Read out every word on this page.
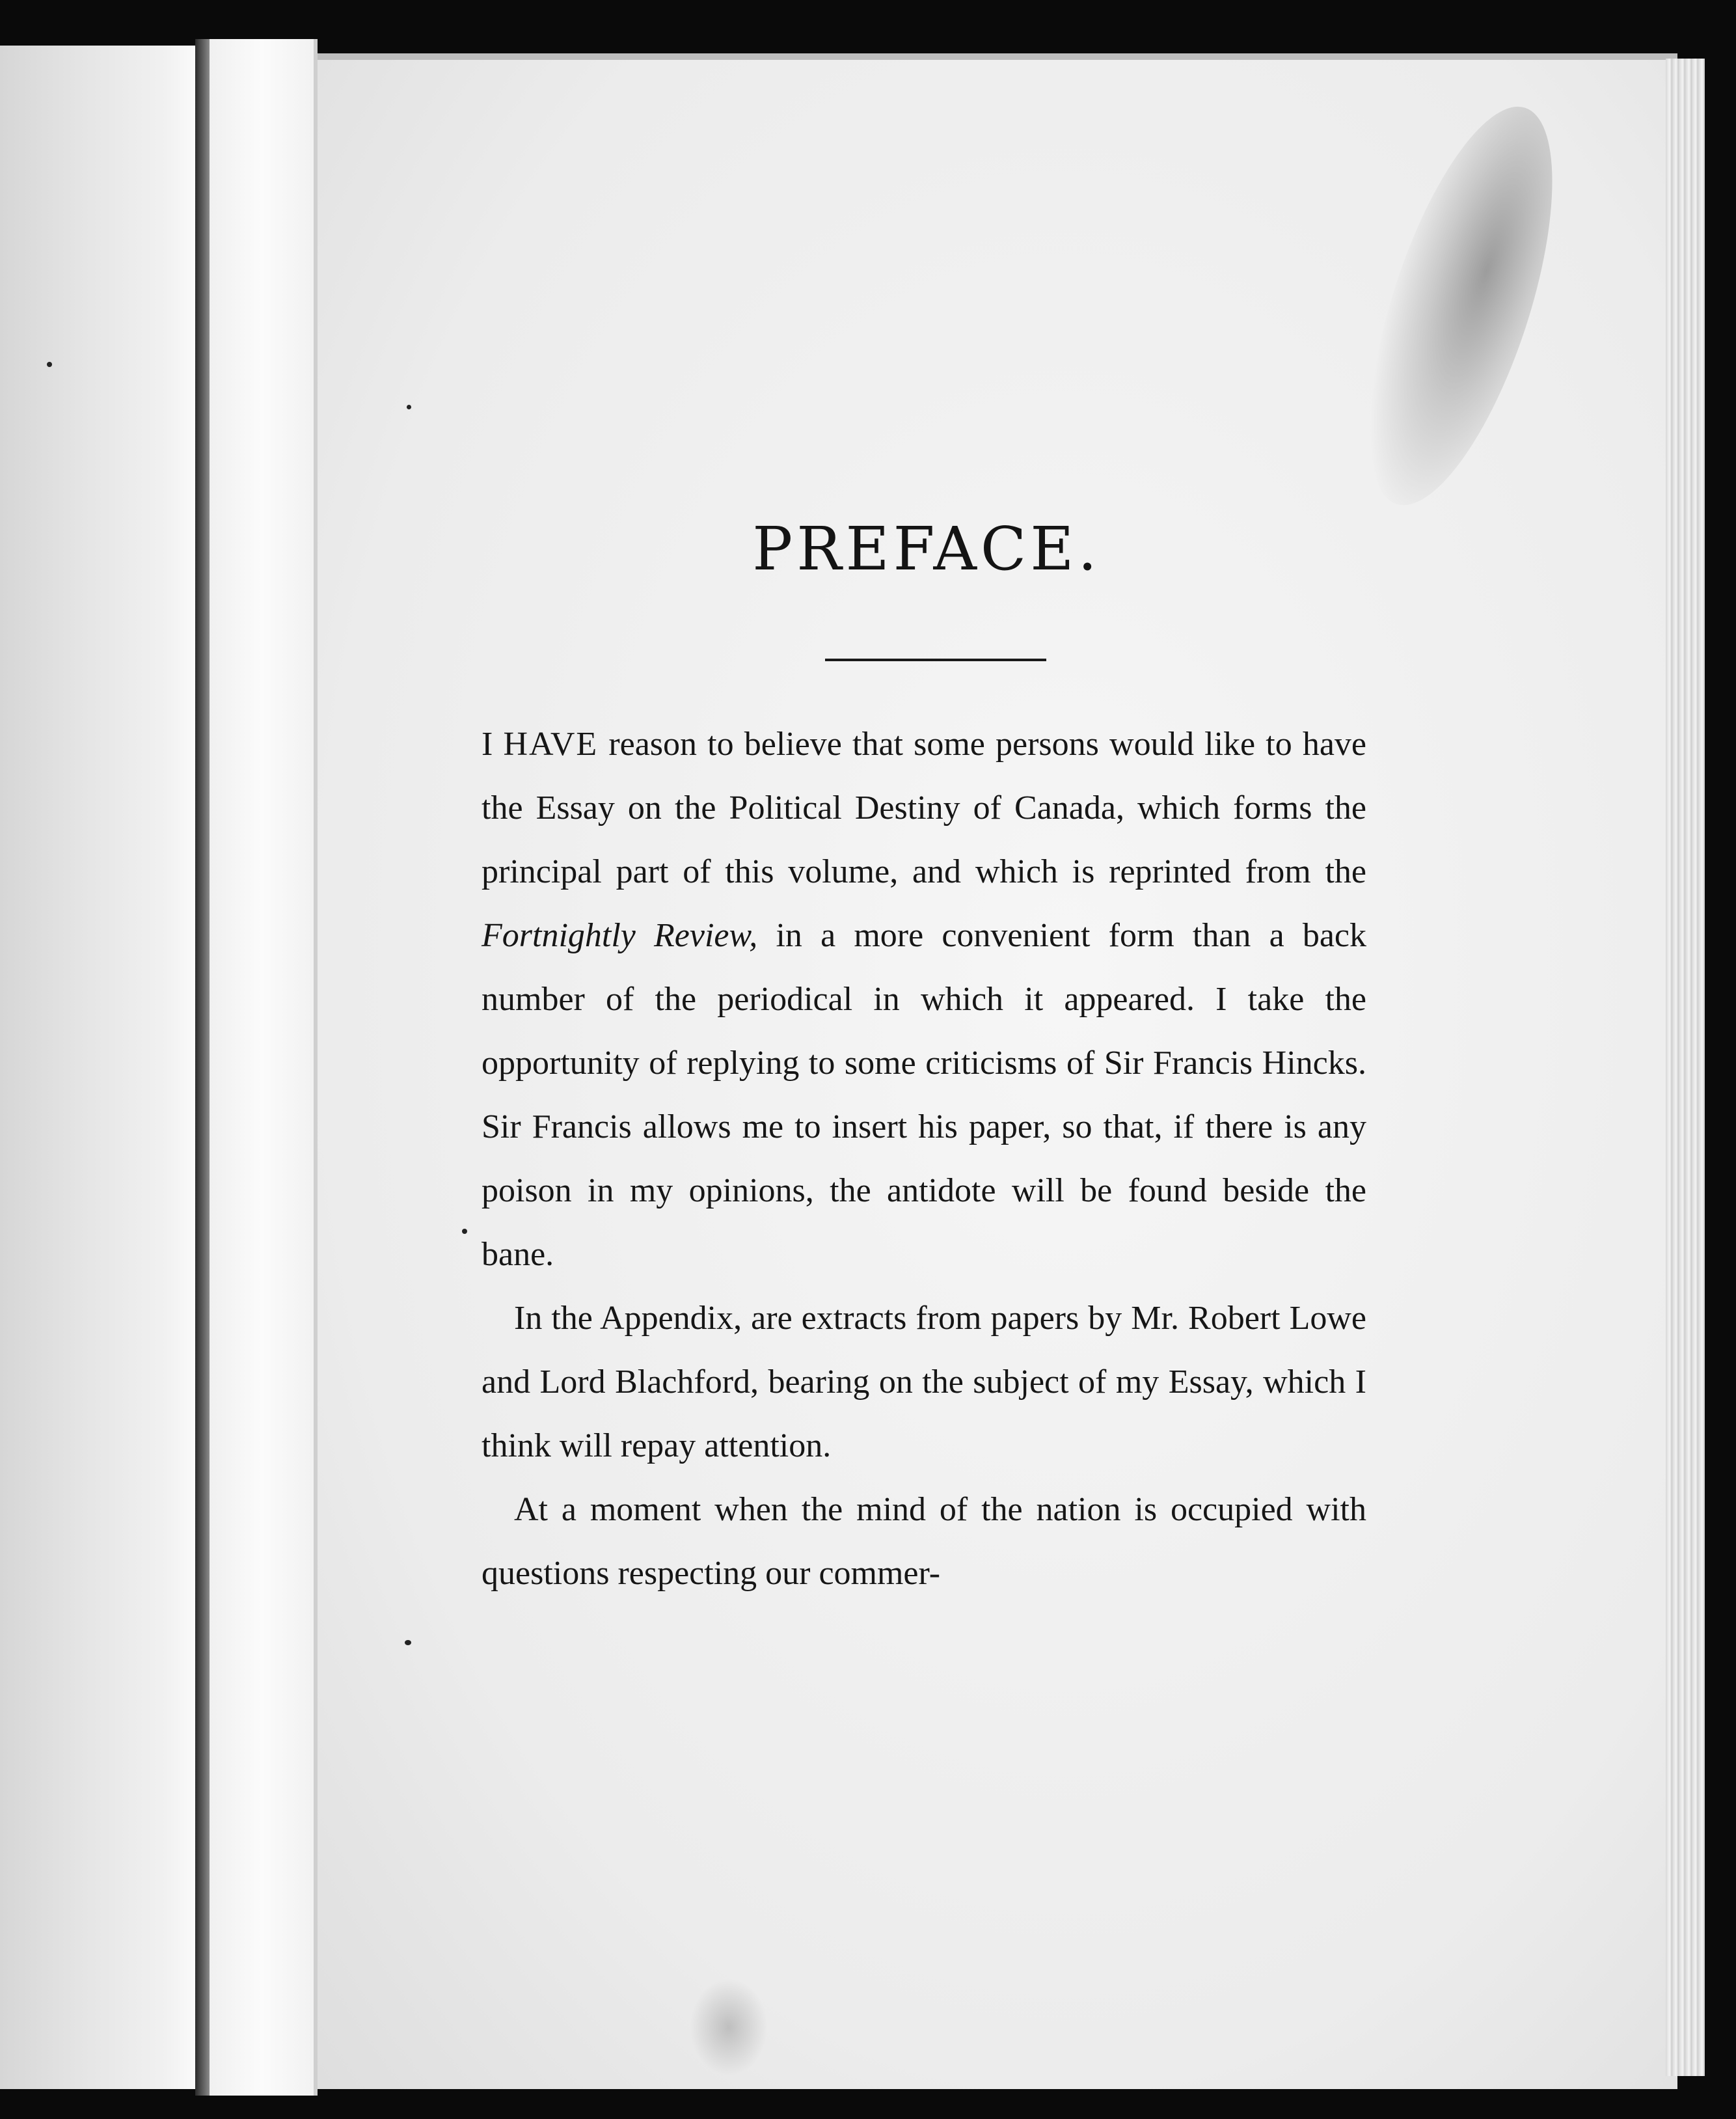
PREFACE.

I HAVE reason to believe that some persons would like to have the Essay on the Political Destiny of Canada, which forms the principal part of this volume, and which is reprinted from the Fortnightly Review, in a more convenient form than a back number of the periodical in which it appeared. I take the opportunity of replying to some criticisms of Sir Francis Hincks. Sir Francis allows me to insert his paper, so that, if there is any poison in my opinions, the antidote will be found beside the bane.

In the Appendix, are extracts from papers by Mr. Robert Lowe and Lord Blachford, bearing on the subject of my Essay, which I think will repay attention.

At a moment when the mind of the nation is occupied with questions respecting our commer-
